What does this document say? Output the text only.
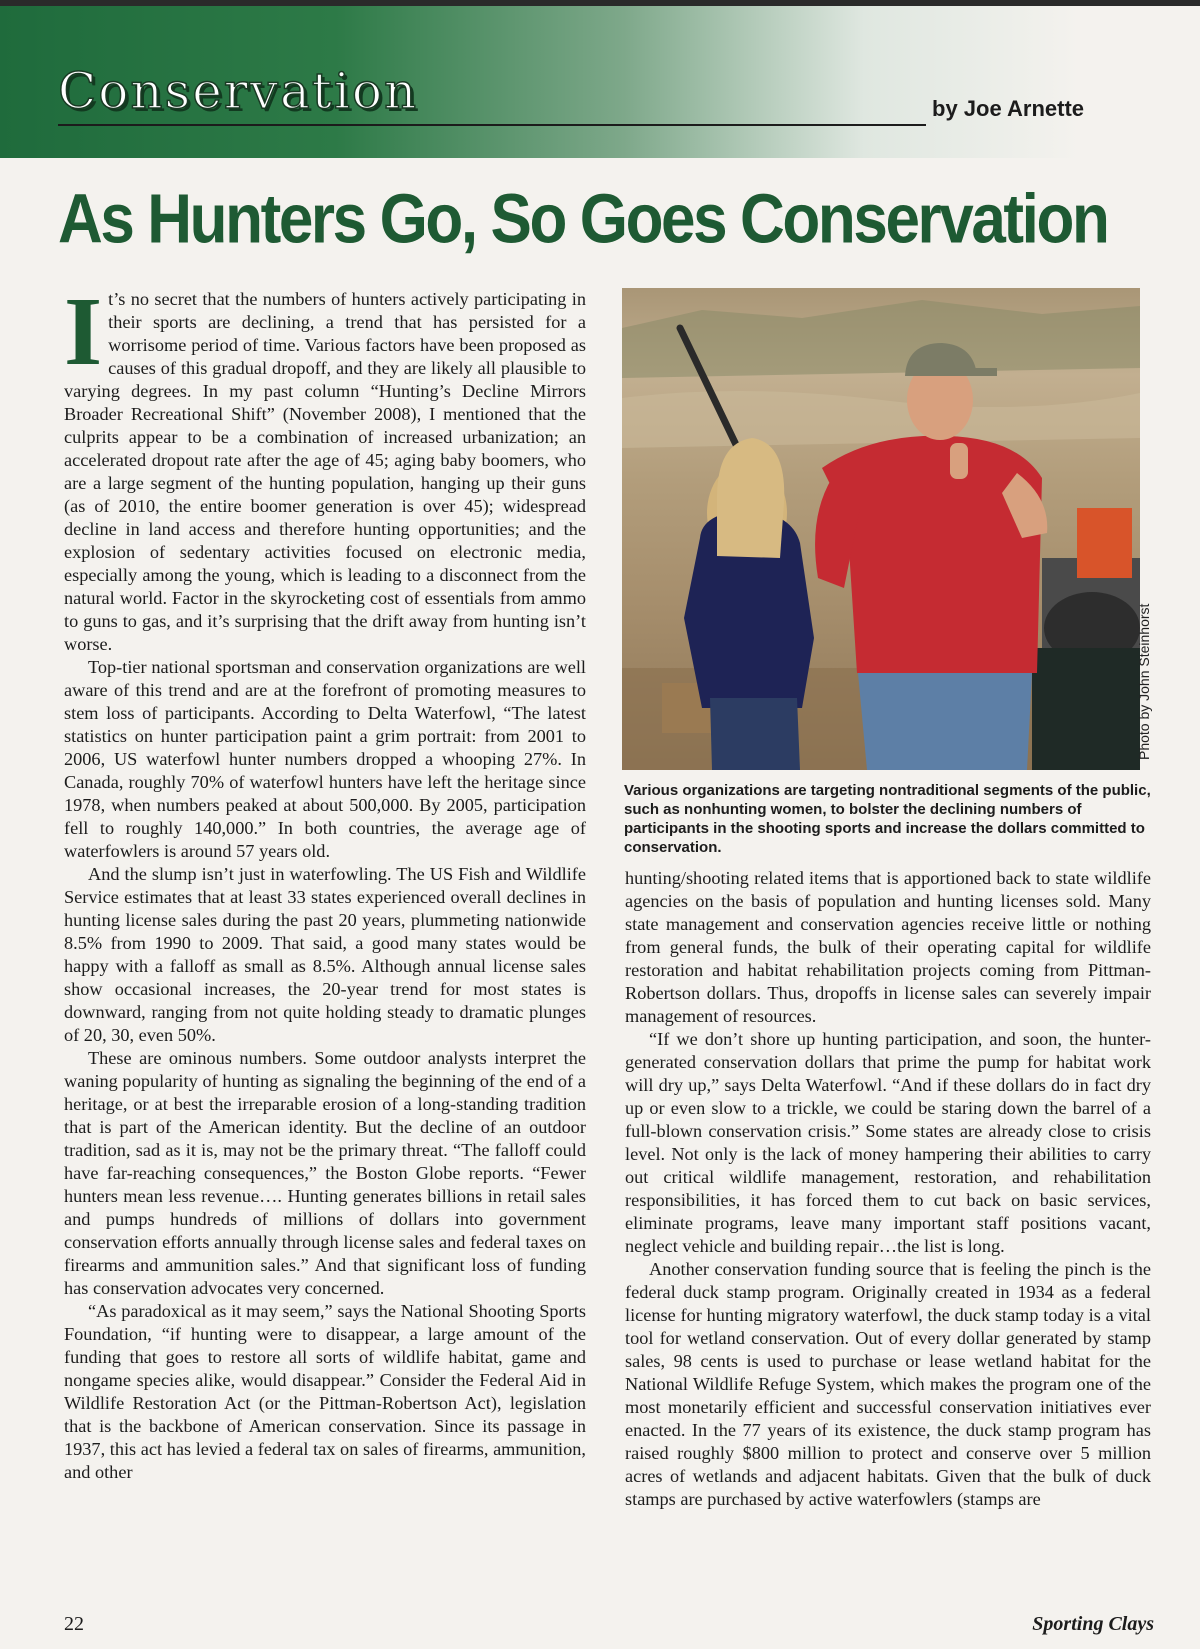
Conservation	by Joe Arnette
As Hunters Go, So Goes Conservation

It’s no secret that the numbers of hunters actively participating in their sports are declining, a trend that has persisted for a worrisome period of time. Various factors have been proposed as causes of this gradual dropoff, and they are likely all plausible to varying degrees. In my past column “Hunting’s Decline Mirrors Broader Recreational Shift” (November 2008), I mentioned that the culprits appear to be a combination of increased urbanization; an accelerated dropout rate after the age of 45; aging baby boomers, who are a large segment of the hunting population, hanging up their guns (as of 2010, the entire boomer generation is over 45); widespread decline in land access and therefore hunting opportunities; and the explosion of sedentary activities focused on electronic media, especially among the young, which is leading to a disconnect from the natural world. Factor in the skyrocketing cost of essentials from ammo to guns to gas, and it’s surprising that the drift away from hunting isn’t worse.

Top-tier national sportsman and conservation organizations are well aware of this trend and are at the forefront of promoting measures to stem loss of participants. According to Delta Waterfowl, “The latest statistics on hunter participation paint a grim portrait: from 2001 to 2006, US waterfowl hunter numbers dropped a whooping 27%. In Canada, roughly 70% of waterfowl hunters have left the heritage since 1978, when numbers peaked at about 500,000. By 2005, participation fell to roughly 140,000.” In both countries, the average age of waterfowlers is around 57 years old.

And the slump isn’t just in waterfowling. The US Fish and Wildlife Service estimates that at least 33 states experienced overall declines in hunting license sales during the past 20 years, plummeting nationwide 8.5% from 1990 to 2009. That said, a good many states would be happy with a falloff as small as 8.5%. Although annual license sales show occasional increases, the 20-year trend for most states is downward, ranging from not quite holding steady to dramatic plunges of 20, 30, even 50%.

These are ominous numbers. Some outdoor analysts interpret the waning popularity of hunting as signaling the beginning of the end of a heritage, or at best the irreparable erosion of a long-standing tradition that is part of the American identity. But the decline of an outdoor tradition, sad as it is, may not be the primary threat. “The falloff could have far-reaching consequences,” the Boston Globe reports. “Fewer hunters mean less revenue…. Hunting generates billions in retail sales and pumps hundreds of millions of dollars into government conservation efforts annually through license sales and federal taxes on firearms and ammunition sales.” And that significant loss of funding has conservation advocates very concerned.

“As paradoxical as it may seem,” says the National Shooting Sports Foundation, “if hunting were to disappear, a large amount of the funding that goes to restore all sorts of wildlife habitat, game and nongame species alike, would disappear.” Consider the Federal Aid in Wildlife Restoration Act (or the Pittman-Robertson Act), legislation that is the backbone of American conservation. Since its passage in 1937, this act has levied a federal tax on sales of firearms, ammunition, and other

Photo by John Steinhorst
Various organizations are targeting nontraditional segments of the public, such as nonhunting women, to bolster the declining numbers of participants in the shooting sports and increase the dollars committed to conservation.

hunting/shooting related items that is apportioned back to state wildlife agencies on the basis of population and hunting licenses sold. Many state management and conservation agencies receive little or nothing from general funds, the bulk of their operating capital for wildlife restoration and habitat rehabilitation projects coming from Pittman-Robertson dollars. Thus, dropoffs in license sales can severely impair management of resources.

“If we don’t shore up hunting participation, and soon, the hunter-generated conservation dollars that prime the pump for habitat work will dry up,” says Delta Waterfowl. “And if these dollars do in fact dry up or even slow to a trickle, we could be staring down the barrel of a full-blown conservation crisis.” Some states are already close to crisis level. Not only is the lack of money hampering their abilities to carry out critical wildlife management, restoration, and rehabilitation responsibilities, it has forced them to cut back on basic services, eliminate programs, leave many important staff positions vacant, neglect vehicle and building repair…the list is long.

Another conservation funding source that is feeling the pinch is the federal duck stamp program. Originally created in 1934 as a federal license for hunting migratory waterfowl, the duck stamp today is a vital tool for wetland conservation. Out of every dollar generated by stamp sales, 98 cents is used to purchase or lease wetland habitat for the National Wildlife Refuge System, which makes the program one of the most monetarily efficient and successful conservation initiatives ever enacted. In the 77 years of its existence, the duck stamp program has raised roughly $800 million to protect and conserve over 5 million acres of wetlands and adjacent habitats. Given that the bulk of duck stamps are purchased by active waterfowlers (stamps are

22	Sporting Clays
